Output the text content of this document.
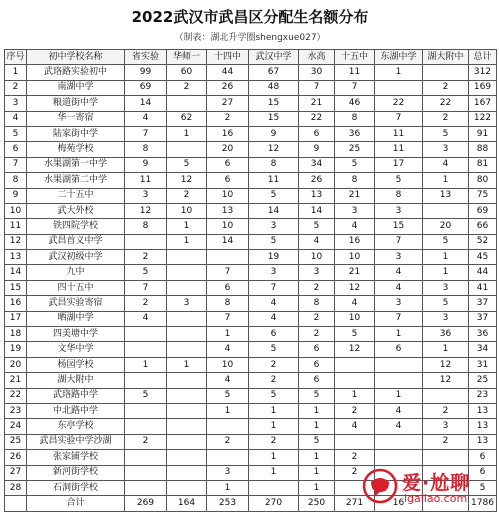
2022武汉市武昌区分配生名额分布
（制表：湖北升学圈shengxue027）
序号	初中学校名称	省实验	华师一	十四中	武汉中学	水高	十五中	东湖中学	湖大附中	总计
1	武珞路实验初中	99	60	44	67	30	11	1		312
2	南湖中学	69	2	26	48	7	7		2	169
3	粮道街中学	14		27	15	21	46	22	22	167
4	华一寄宿	4	62	2	15	22	8	7	2	122
5	陆家街中学	7	1	16	9	6	36	11	5	91
6	梅苑学校	8		20	12	9	25	11	3	88
7	水果湖第一中学	9	5	6	8	34	5	17	4	81
8	水果湖第二中学	11	12	6	11	26	8	5	1	80
9	二十五中	3	2	10	5	13	21	8	13	75
10	武大外校	12	10	13	14	14	3	3		69
11	铁四院学校	8	1	10	3	5	4	15	20	66
12	武昌首义中学		1	14	5	4	16	7	5	52
13	武汉初级中学	2			19	10	10	3	1	45
14	九中	5		7	3	3	21	4	1	44
15	四十五中	7		6	7	2	12	4	3	41
16	武昌实验寄宿	2	3	8	4	8	4	3	5	37
17	晒湖中学	4		7	4	2	10	7	3	37
18	四美塘中学			1	6	2	5	1	36	36
19	文华中学			4	5	6	12	6	1	34
20	杨园学校	1	1	10	2	6			12	31
21	湖大附中			4	2	6			12	25
22	武珞路中学	5		5	5	5	1	1		23
23	中北路中学			1	1	1	2	4	2	13
24	东亭学校				1	1	4	4	3	13
25	武昌实验中学沙湖	2		2	2	5			2	13
26	张家铺学校				1	1	2			6
27	新河街学校			3	1	1	2			6
28	石洞街学校			1		1				5
	合计	269	164	253	270	250	271	16		1786
爱·尬聊
igaliao.com
